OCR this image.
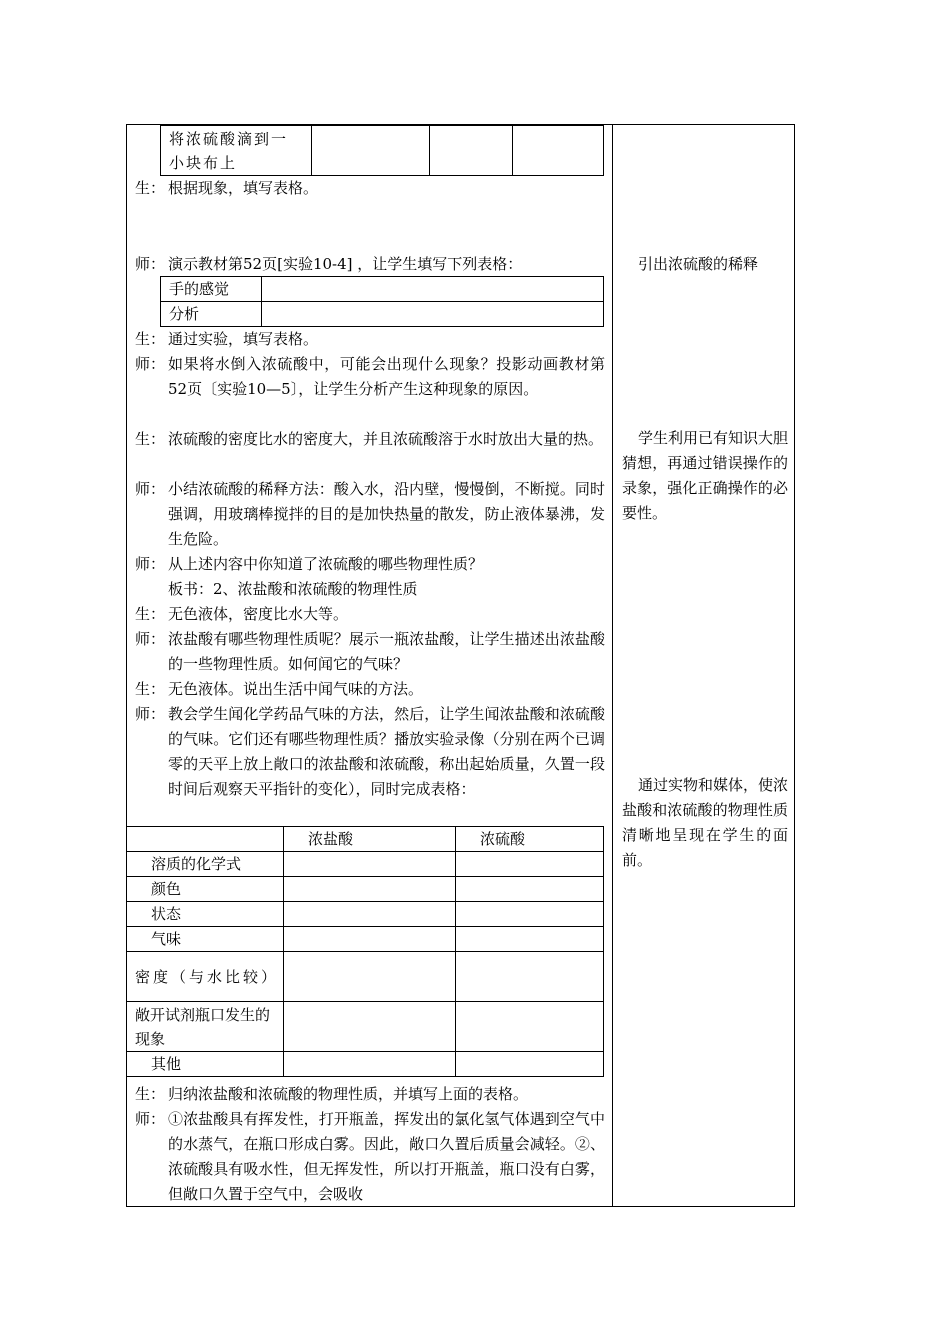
将浓硫酸滴到一小块布上			
生： 根据现象，填写表格。
师： 演示教材第52页[实验10-4] ，让学生填写下列表格：
手的感觉	
分析	
生： 通过实验，填写表格。
师： 如果将水倒入浓硫酸中，可能会出现什么现象？投影动画教材第52页〔实验10—5〕，让学生分析产生这种现象的原因。
生： 浓硫酸的密度比水的密度大，并且浓硫酸溶于水时放出大量的热。
师： 小结浓硫酸的稀释方法：酸入水，沿内壁，慢慢倒，不断搅。同时强调，用玻璃棒搅拌的目的是加快热量的散发，防止液体暴沸，发生危险。
师： 从上述内容中你知道了浓硫酸的哪些物理性质？
板书：2、浓盐酸和浓硫酸的物理性质
生： 无色液体，密度比水大等。
师： 浓盐酸有哪些物理性质呢？展示一瓶浓盐酸，让学生描述出浓盐酸的一些物理性质。如何闻它的气味？
生： 无色液体。说出生活中闻气味的方法。
师： 教会学生闻化学药品气味的方法，然后，让学生闻浓盐酸和浓硫酸的气味。它们还有哪些物理性质？播放实验录像（分别在两个已调零的天平上放上敞口的浓盐酸和浓硫酸，称出起始质量，久置一段时间后观察天平指针的变化），同时完成表格：
	浓盐酸	浓硫酸
溶质的化学式		
颜色		
状态		
气味		
密度（与水比较）		
敞开试剂瓶口发生的现象		
其他		
生： 归纳浓盐酸和浓硫酸的物理性质，并填写上面的表格。
师： ①浓盐酸具有挥发性，打开瓶盖，挥发出的氯化氢气体遇到空气中的水蒸气，在瓶口形成白雾。因此，敞口久置后质量会减轻。②、浓硫酸具有吸水性，但无挥发性，所以打开瓶盖，瓶口没有白雾，但敞口久置于空气中，会吸收
引出浓硫酸的稀释
学生利用已有知识大胆猜想，再通过错误操作的录象，强化正确操作的必要性。
通过实物和媒体，使浓盐酸和浓硫酸的物理性质清晰地呈现在学生的面前。
